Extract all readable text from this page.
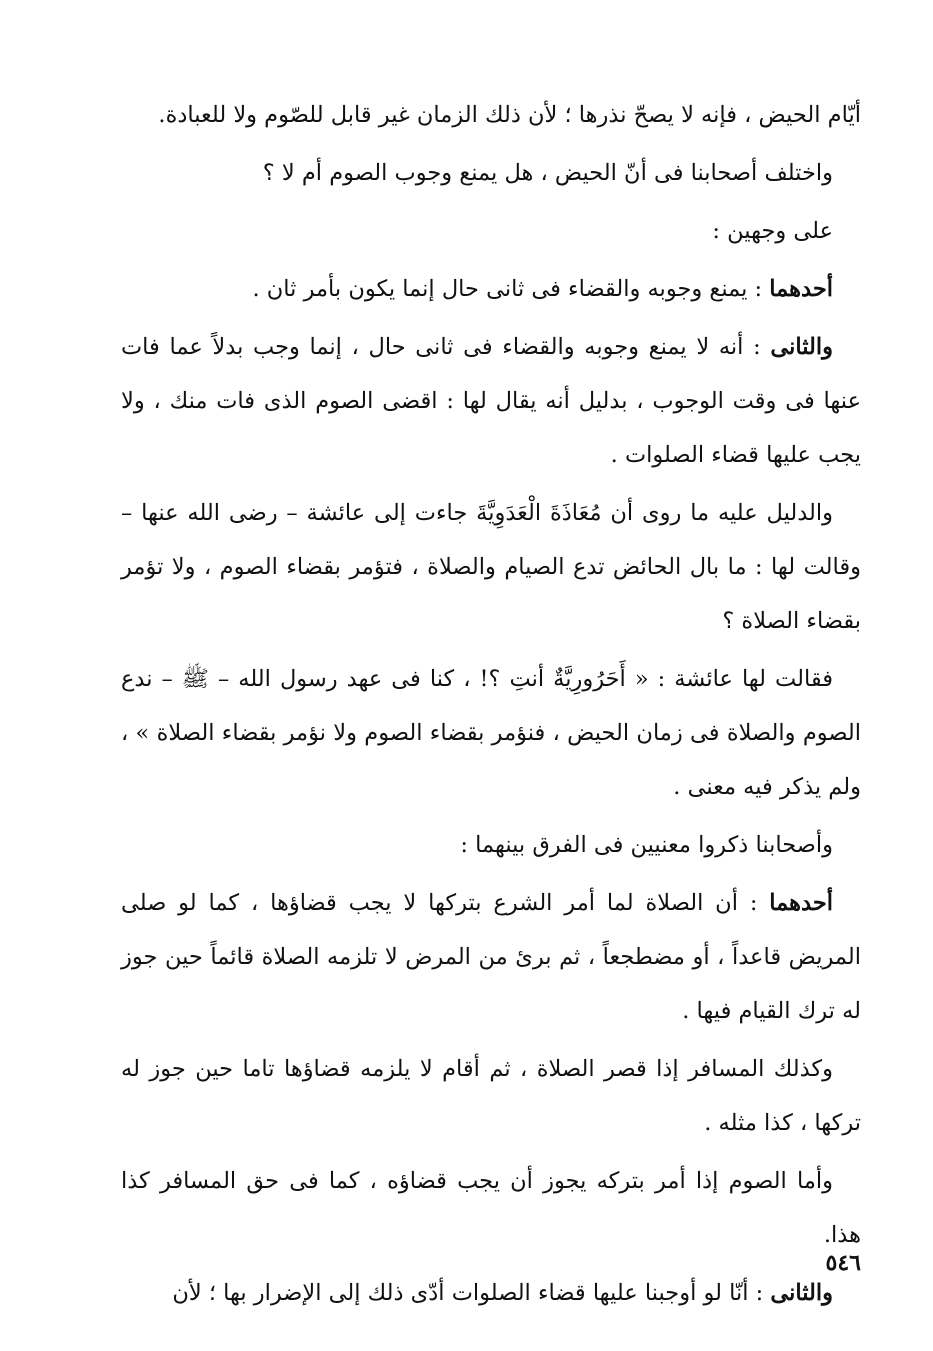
أيّام الحيض ، فإنه لا يصحّ نذرها ؛ لأن ذلك الزمان غير قابل للصّوم ولا للعبادة.

واختلف أصحابنا فى أنّ الحيض ، هل يمنع وجوب الصوم أم لا ؟

على وجهين :

أحدهما : يمنع وجوبه والقضاء فى ثانى حال إنما يكون بأمر ثان .

والثانى : أنه لا يمنع وجوبه والقضاء فى ثانى حال ، إنما وجب بدلاً عما فات عنها فى وقت الوجوب ، بدليل أنه يقال لها : اقضى الصوم الذى فات منك ، ولا يجب عليها قضاء الصلوات .

والدليل عليه ما روى أن مُعَاذَةَ الْعَدَوِيَّةَ جاءت إلى عائشة – رضى الله عنها – وقالت لها : ما بال الحائض تدع الصيام والصلاة ، فتؤمر بقضاء الصوم ، ولا تؤمر بقضاء الصلاة ؟

فقالت لها عائشة : « أَحَرُورِيَّةٌ أنتِ ؟! ، كنا فى عهد رسول الله – ﷺ – ندع الصوم والصلاة فى زمان الحيض ، فنؤمر بقضاء الصوم ولا نؤمر بقضاء الصلاة » ، ولم يذكر فيه معنى .

وأصحابنا ذكروا معنيين فى الفرق بينهما :

أحدهما : أن الصلاة لما أمر الشرع بتركها لا يجب قضاؤها ، كما لو صلى المريض قاعداً ، أو مضطجعاً ، ثم برئ من المرض لا تلزمه الصلاة قائماً حين جوز له ترك القيام فيها .

وكذلك المسافر إذا قصر الصلاة ، ثم أقام لا يلزمه قضاؤها تاما حين جوز له تركها ، كذا مثله .

وأما الصوم إذا أمر بتركه يجوز أن يجب قضاؤه ، كما فى حق المسافر كذا هذا.

والثانى : أنّا لو أوجبنا عليها قضاء الصلوات أدّى ذلك إلى الإضرار بها ؛ لأن

٥٤٦
